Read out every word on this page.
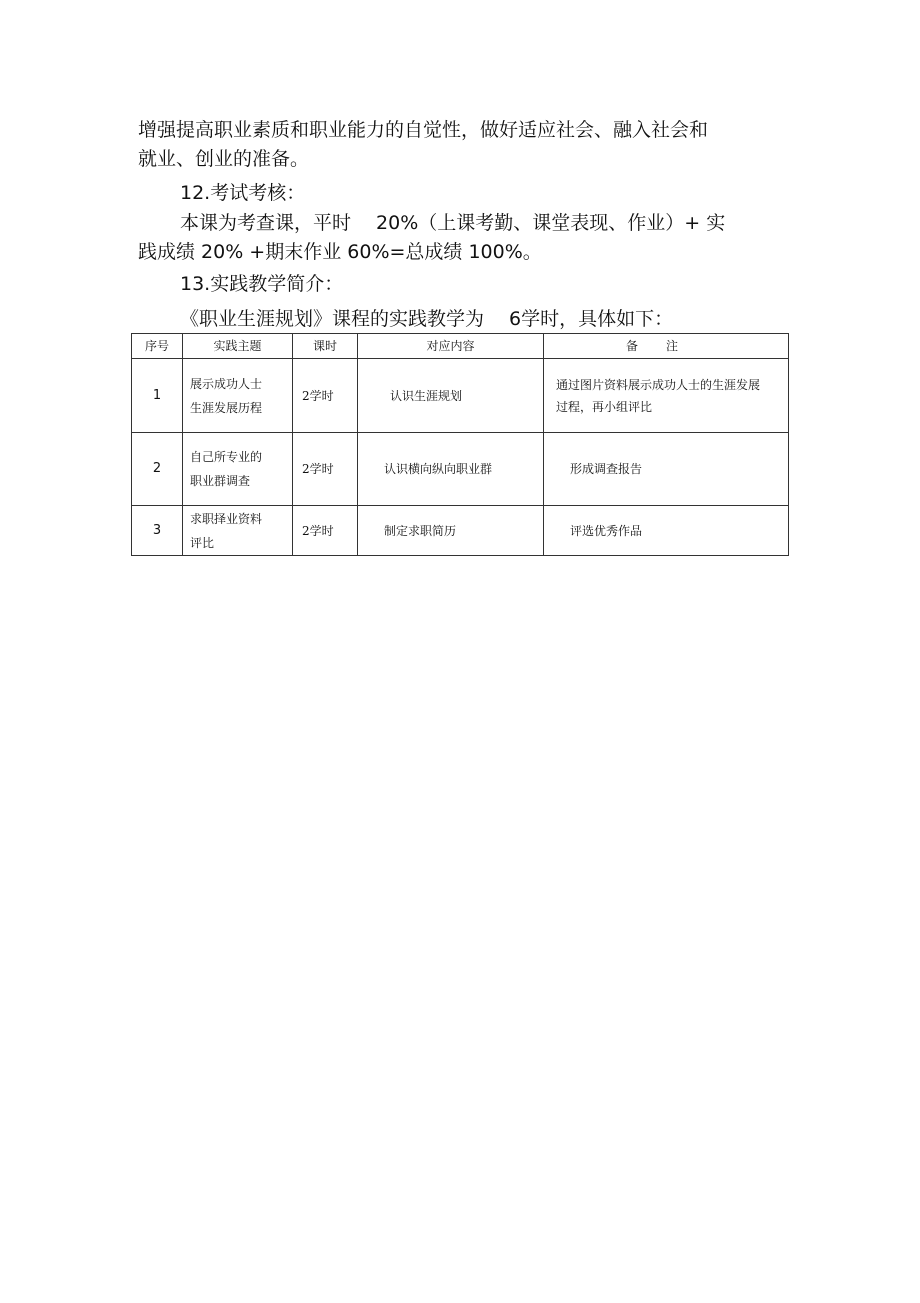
增强提高职业素质和职业能力的自觉性，做好适应社会、融入社会和

就业、创业的准备。

12.考试考核：

本课为考查课，平时　 20%（上课考勤、课堂表现、作业）+ 实

践成绩 20% +期末作业 60%=总成绩 100%。

13.实践教学简介：

《职业生涯规划》课程的实践教学为　 6学时，具体如下：

序号	实践主题	课时	对应内容	备注
1	展示成功人士生涯发展历程	2学时	认识生涯规划	通过图片资料展示成功人士的生涯发展过程，再小组评比

2	自己所专业的职业群调查	2学时	认识横向纵向职业群	形成调查报告

3	求职择业资料评比	2学时	制定求职简历	评选优秀作品
